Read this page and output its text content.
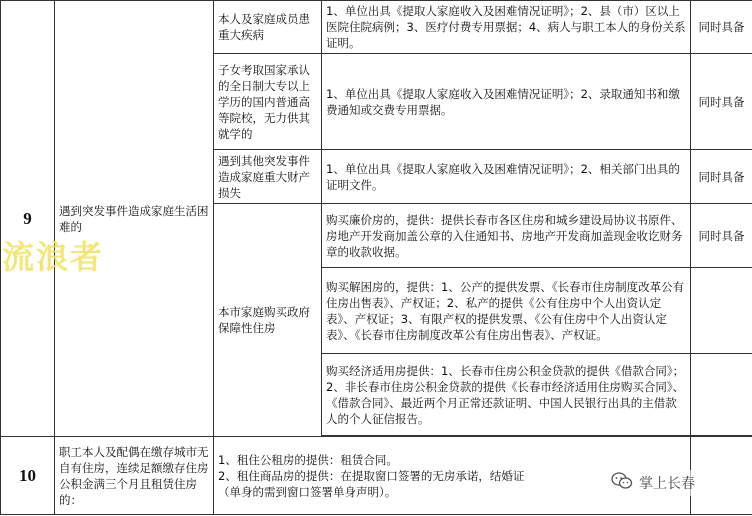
9	遇到突发事件造成家庭生活困难的	本人及家庭成员患重大疾病	1、单位出具《提取人家庭收入及困难情况证明》；2、县（市）区以上医院住院病例；3、医疗付费专用票据；4、病人与职工本人的身份关系证明。	同时具备
		子女考取国家承认的全日制大专以上学历的国内普通高等院校，无力供其就学的	1、单位出具《提取人家庭收入及困难情况证明》；2、录取通知书和缴费通知或交费专用票据。	同时具备
		遇到其他突发事件造成家庭重大财产损失	1、单位出具《提取人家庭收入及困难情况证明》；2、相关部门出具的证明文件。	同时具备
		本市家庭购买政府保障性住房	购买廉价房的，提供：提供长春市各区住房和城乡建设局协议书原件、房地产开发商加盖公章的入住通知书、房地产开发商加盖现金收讫财务章的收款收据。	同时具备
			购买解困房的，提供：1、公产的提供发票、《长春市住房制度改革公有住房出售表》、产权证；2、私产的提供《公有住房中个人出资认定表》、产权证；3、有限产权的提供发票、《公有住房中个人出资认定表》、《长春市住房制度改革公有住房出售表》、产权证。	
			购买经济适用房提供：1、长春市住房公积金贷款的提供《借款合同》；2、非长春市住房公积金贷款的提供《长春市经济适用住房购买合同》、《借款合同》、最近两个月正常还款证明、中国人民银行出具的主借款人的个人征信报告。	

10	职工本人及配偶在缴存城市无自有住房，连续足额缴存住房公积金满三个月且租赁住房的：	1、租住公租房的提供：租赁合同。
2、租住商品房的提供：在提取窗口签署的无房承诺，结婚证
（单身的需到窗口签署单身声明）。		

流浪者
掌上长春
